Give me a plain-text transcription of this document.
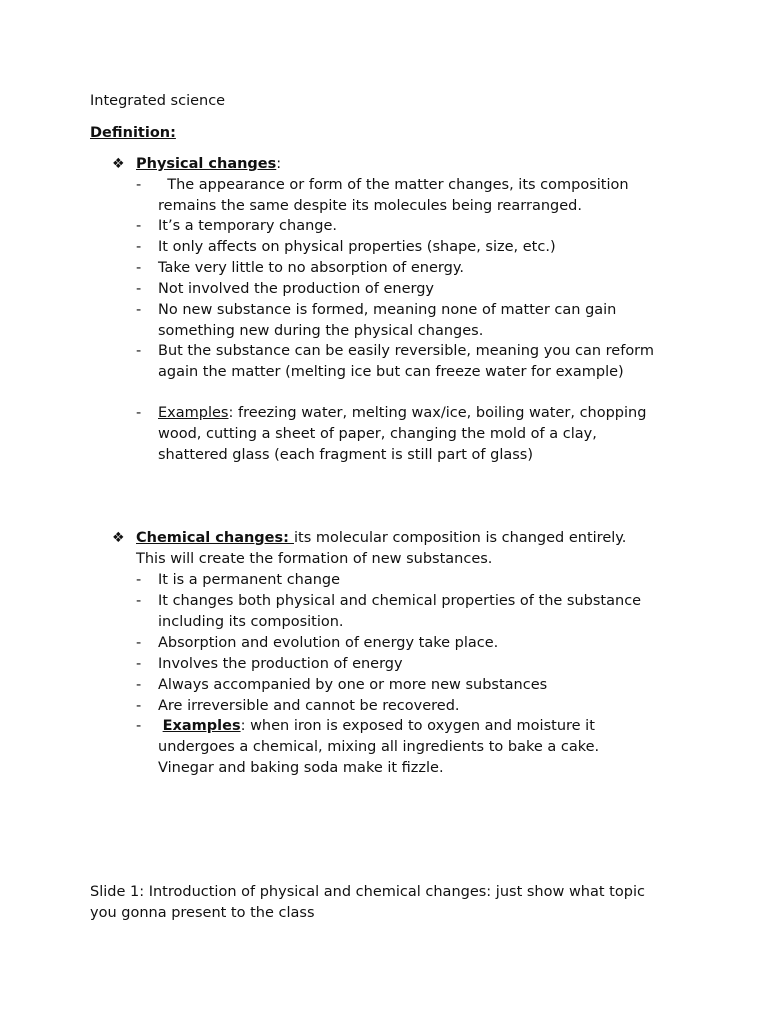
Integrated science
Definition:
❖ Physical changes:
- The appearance or form of the matter changes, its composition
remains the same despite its molecules being rearranged.
- It’s a temporary change.
- It only affects on physical properties (shape, size, etc.)
- Take very little to no absorption of energy.
- Not involved the production of energy
- No new substance is formed, meaning none of matter can gain
something new during the physical changes.
- But the substance can be easily reversible, meaning you can reform
again the matter (melting ice but can freeze water for example)
- Examples: freezing water, melting wax/ice, boiling water, chopping
wood, cutting a sheet of paper, changing the mold of a clay,
shattered glass (each fragment is still part of glass)
❖ Chemical changes: its molecular composition is changed entirely.
This will create the formation of new substances.
- It is a permanent change
- It changes both physical and chemical properties of the substance
including its composition.
- Absorption and evolution of energy take place.
- Involves the production of energy
- Always accompanied by one or more new substances
- Are irreversible and cannot be recovered.
-	Examples: when iron is exposed to oxygen and moisture it
undergoes a chemical, mixing all ingredients to bake a cake.
Vinegar and baking soda make it fizzle.
Slide 1: Introduction of physical and chemical changes: just show what topic
you gonna present to the class
